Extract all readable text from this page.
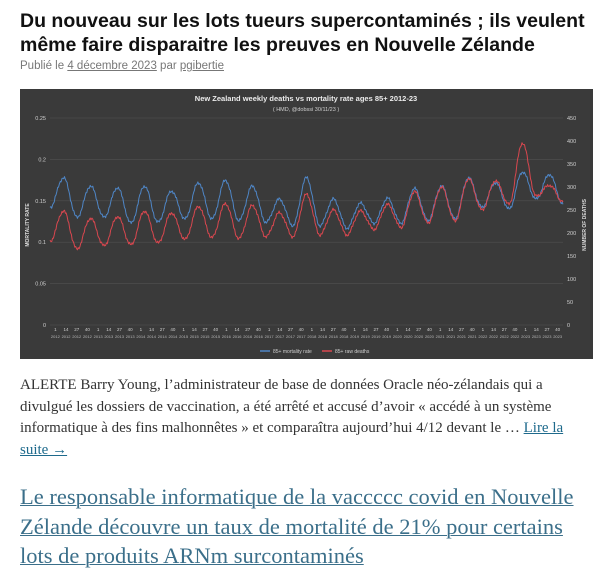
Du nouveau sur les lots tueurs supercontaminés ; ils veulent même faire disparaitre les preuves en Nouvelle Zélande
Publié le 4 décembre 2023 par pgibertie
New Zealand weekly deaths vs mortality rate ages 85+ 2012-23
( HMD, @dobssi 30/11/23 )
0
0.05
0.1
0.15
0.2
0.25
0
50
100
150
200
250
300
350
400
450
MORTALITY RATE	NUMBER OF DEATHS
1 14 27 40 1 14 27 40 1 14 27 40 1 14 27 40 1 14 27 40 1 14 27 40 1 14 27 40 1 14 27 40 1 14 27 40 1 14 27 40 1 14 27 40 1 14 27 40
2012 2012 2012 2012 2013 2013 2013 2013 2014 2014 2014 2014 2015 2015 2015 2015 2016 2016 2016 2016 2017 2017 2017 2017 2018 2018 2018 2018 2019 2019 2019 2019 2020 2020 2020 2020 2021 2021 2021 2021 2022 2022 2022 2022 2023 2023 2023 2023
85+ mortality rate	85+ raw deaths

ALERTE Barry Young, l’administrateur de base de données Oracle néo-zélandais qui a divulgué les dossiers de vaccination, a été arrêté et accusé d’avoir « accédé à un système informatique à des fins malhonnêtes » et comparaîtra aujourd’hui 4/12 devant le … Lire la suite →

Le responsable informatique de la vaccccc covid en Nouvelle Zélande découvre un taux de mortalité de 21% pour certains lots de produits ARNm surcontaminés
